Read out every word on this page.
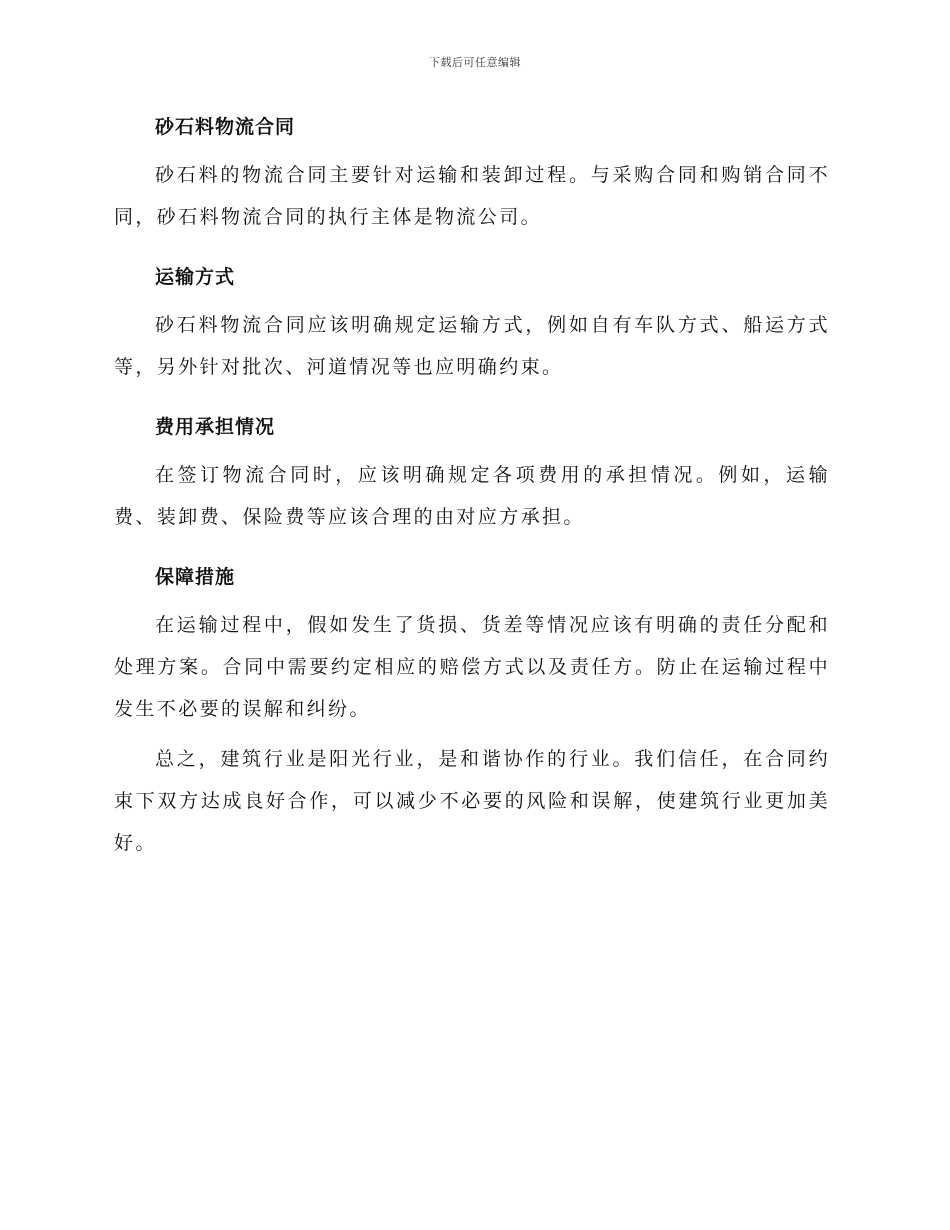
下载后可任意编辑
砂石料物流合同

砂石料的物流合同主要针对运输和装卸过程。与采购合同和购销合同不同，砂石料物流合同的执行主体是物流公司。

运输方式

砂石料物流合同应该明确规定运输方式，例如自有车队方式、船运方式等，另外针对批次、河道情况等也应明确约束。

费用承担情况

在签订物流合同时，应该明确规定各项费用的承担情况。例如，运输费、装卸费、保险费等应该合理的由对应方承担。

保障措施

在运输过程中，假如发生了货损、货差等情况应该有明确的责任分配和处理方案。合同中需要约定相应的赔偿方式以及责任方。防止在运输过程中发生不必要的误解和纠纷。

总之，建筑行业是阳光行业，是和谐协作的行业。我们信任，在合同约束下双方达成良好合作，可以减少不必要的风险和误解，使建筑行业更加美好。
